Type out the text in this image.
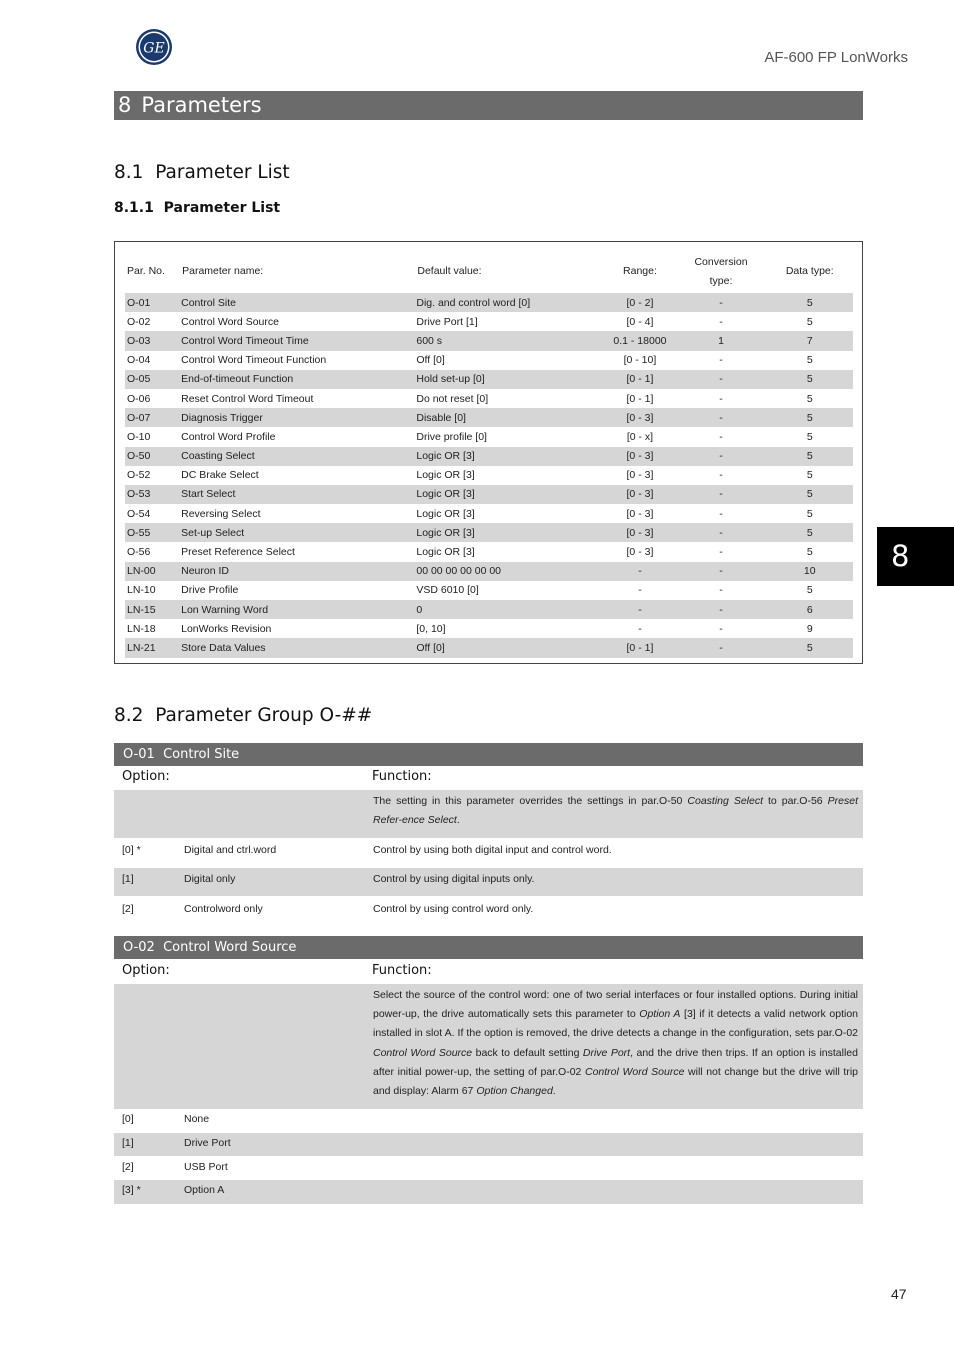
GE
AF-600 FP LonWorks
8 Parameters
8
8.1 Parameter List
8.1.1 Parameter List
Par. No.	Parameter name:	Default value:	Range:	Conversion
type:	Data type:
O-01	Control Site	Dig. and control word [0]	[0 - 2]	-	5
O-02	Control Word Source	Drive Port [1]	[0 - 4]	-	5
O-03	Control Word Timeout Time	600 s	0.1 - 18000	1	7
O-04	Control Word Timeout Function	Off [0]	[0 - 10]	-	5
O-05	End-of-timeout Function	Hold set-up [0]	[0 - 1]	-	5
O-06	Reset Control Word Timeout	Do not reset [0]	[0 - 1]	-	5
O-07	Diagnosis Trigger	Disable [0]	[0 - 3]	-	5
O-10	Control Word Profile	Drive profile [0]	[0 - x]	-	5
O-50	Coasting Select	Logic OR [3]	[0 - 3]	-	5
O-52	DC Brake Select	Logic OR [3]	[0 - 3]	-	5
O-53	Start Select	Logic OR [3]	[0 - 3]	-	5
O-54	Reversing Select	Logic OR [3]	[0 - 3]	-	5
O-55	Set-up Select	Logic OR [3]	[0 - 3]	-	5
O-56	Preset Reference Select	Logic OR [3]	[0 - 3]	-	5
LN-00	Neuron ID	00 00 00 00 00 00	-	-	10
LN-10	Drive Profile	VSD 6010 [0]	-	-	5
LN-15	Lon Warning Word	0	-	-	6
LN-18	LonWorks Revision	[0, 10]	-	-	9
LN-21	Store Data Values	Off [0]	[0 - 1]	-	5
8.2 Parameter Group O-##
O-01 Control Site
Option:	Function:
The setting in this parameter overrides the settings in par.O-50 Coasting Select to par.O-56 Preset Refer-ence Select.
[0] *	Digital and ctrl.word	Control by using both digital input and control word.
[1]	Digital only	Control by using digital inputs only.
[2]	Controlword only	Control by using control word only.
O-02 Control Word Source
Option:	Function:
Select the source of the control word: one of two serial interfaces or four installed options. During initial power-up, the drive automatically sets this parameter to Option A [3] if it detects a valid network option installed in slot A. If the option is removed, the drive detects a change in the configuration, sets par.O-02 Control Word Source back to default setting Drive Port, and the drive then trips. If an option is installed after initial power-up, the setting of par.O-02 Control Word Source will not change but the drive will trip and display: Alarm 67 Option Changed.
[0]	None
[1]	Drive Port
[2]	USB Port
[3] *	Option A
47
